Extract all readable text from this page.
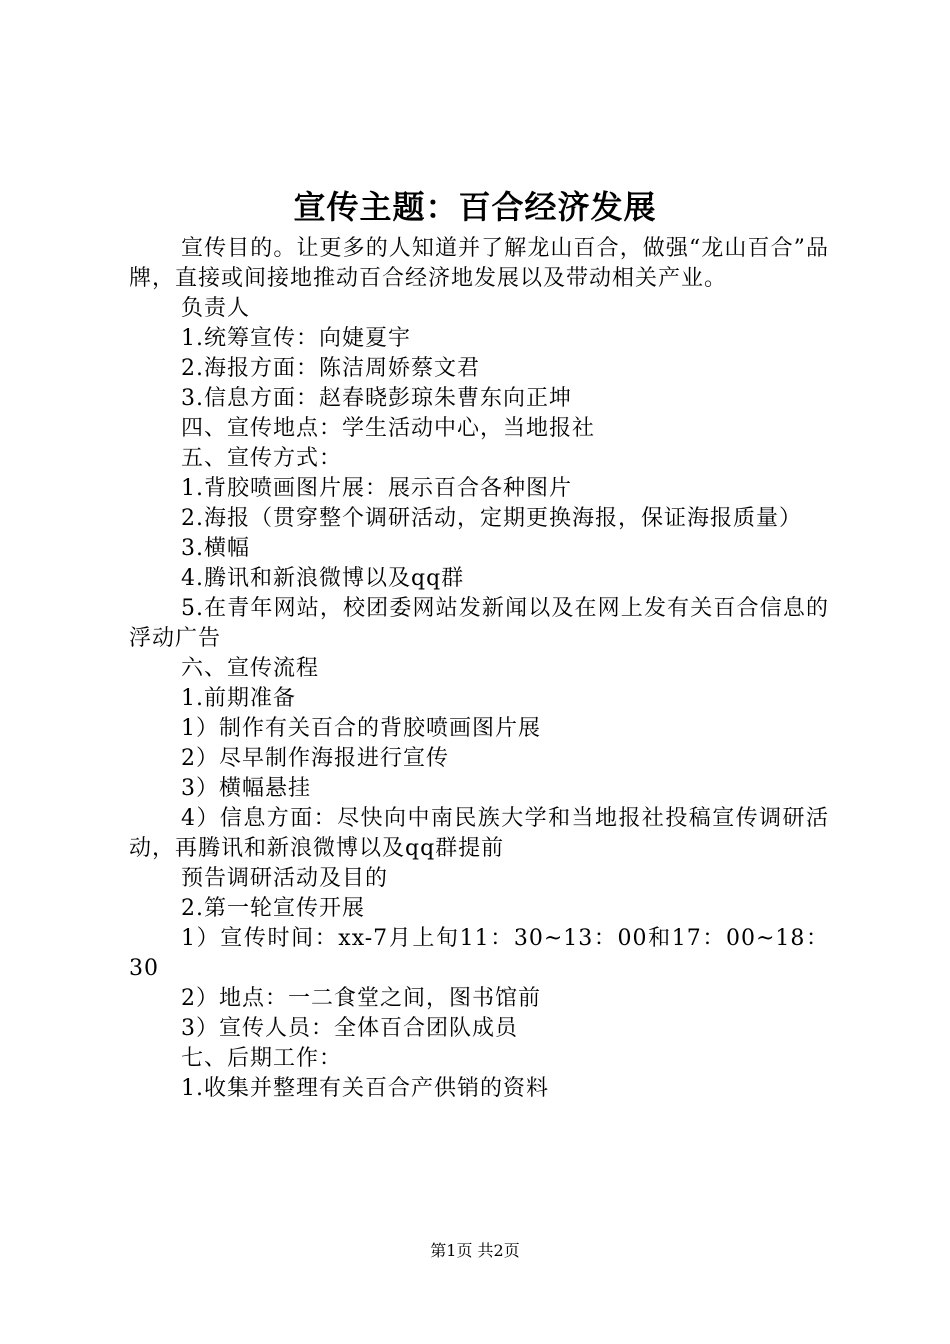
宣传主题：百合经济发展

宣传目的。让更多的人知道并了解龙山百合，做强“龙山百合”品牌，直接或间接地推动百合经济地发展以及带动相关产业。

负责人

1.统筹宣传：向婕夏宇

2.海报方面：陈洁周娇蔡文君

3.信息方面：赵春晓彭琼朱曹东向正坤

四、宣传地点：学生活动中心，当地报社

五、宣传方式：

1.背胶喷画图片展：展示百合各种图片

2.海报（贯穿整个调研活动，定期更换海报，保证海报质量）

3.横幅

4.腾讯和新浪微博以及qq群

5.在青年网站，校团委网站发新闻以及在网上发有关百合信息的浮动广告

六、宣传流程

1.前期准备

1）制作有关百合的背胶喷画图片展

2）尽早制作海报进行宣传

3）横幅悬挂

4）信息方面：尽快向中南民族大学和当地报社投稿宣传调研活动，再腾讯和新浪微博以及qq群提前

预告调研活动及目的

2.第一轮宣传开展

1）宣传时间：xx-7月上旬11：30~13：00和17：00~18：30

2）地点：一二食堂之间，图书馆前

3）宣传人员：全体百合团队成员

七、后期工作：

1.收集并整理有关百合产供销的资料

第1页 共2页
